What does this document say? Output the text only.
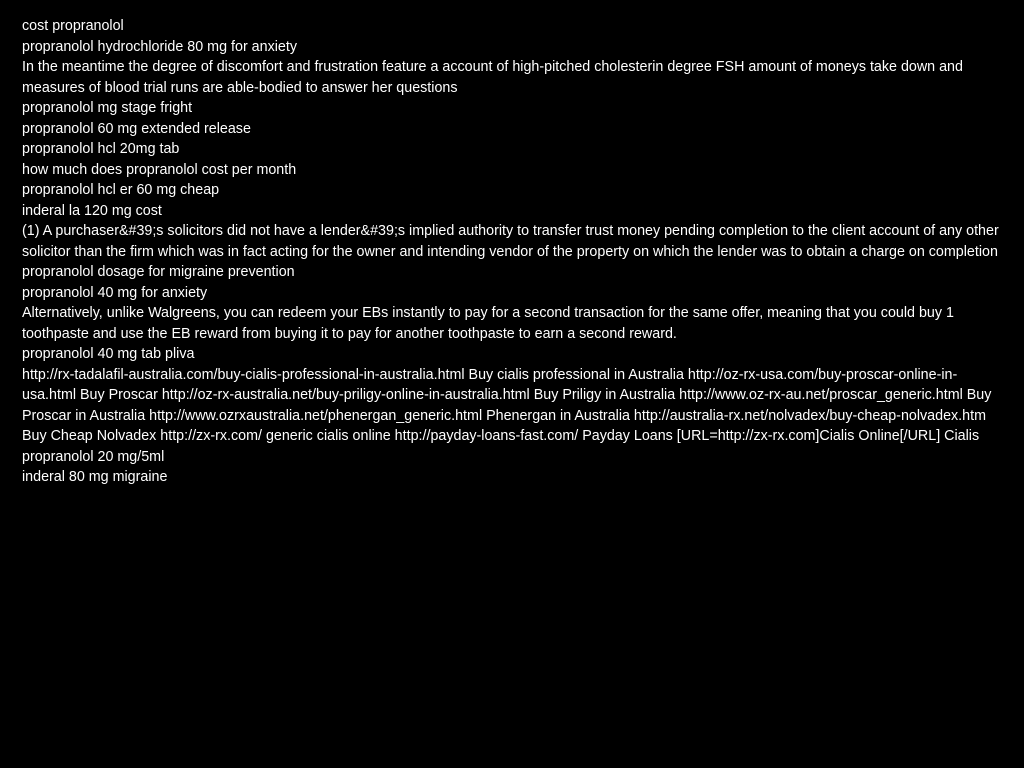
cost propranolol

propranolol hydrochloride 80 mg for anxiety

In the meantime the degree of discomfort and frustration feature a account of high-pitched cholesterin degree FSH amount of moneys take down and measures of blood trial runs are able-bodied to answer her questions

propranolol mg stage fright

propranolol 60 mg extended release

propranolol hcl 20mg tab

how much does propranolol cost per month

propranolol hcl er 60 mg cheap

inderal la 120 mg cost

(1) A purchaser&#39;s solicitors did not have a lender&#39;s implied authority to transfer trust money pending completion to the client account of any other solicitor than the firm which was in fact acting for the owner and intending vendor of the property on which the lender was to obtain a charge on completion

propranolol dosage for migraine prevention

propranolol 40 mg for anxiety

Alternatively, unlike Walgreens, you can redeem your EBs instantly to pay for a second transaction for the same offer, meaning that you could buy 1 toothpaste and use the EB reward from buying it to pay for another toothpaste to earn a second reward.

propranolol 40 mg tab pliva

http://rx-tadalafil-australia.com/buy-cialis-professional-in-australia.html Buy cialis professional in Australia http://oz-rx-usa.com/buy-proscar-online-in-usa.html Buy Proscar http://oz-rx-australia.net/buy-priligy-online-in-australia.html Buy Priligy in Australia http://www.oz-rx-au.net/proscar_generic.html Buy Proscar in Australia http://www.ozrxaustralia.net/phenergan_generic.html Phenergan in Australia http://australia-rx.net/nolvadex/buy-cheap-nolvadex.htm Buy Cheap Nolvadex http://zx-rx.com/ generic cialis online http://payday-loans-fast.com/ Payday Loans [URL=http://zx-rx.com]Cialis Online[/URL] Cialis

propranolol 20 mg/5ml

inderal 80 mg migraine
